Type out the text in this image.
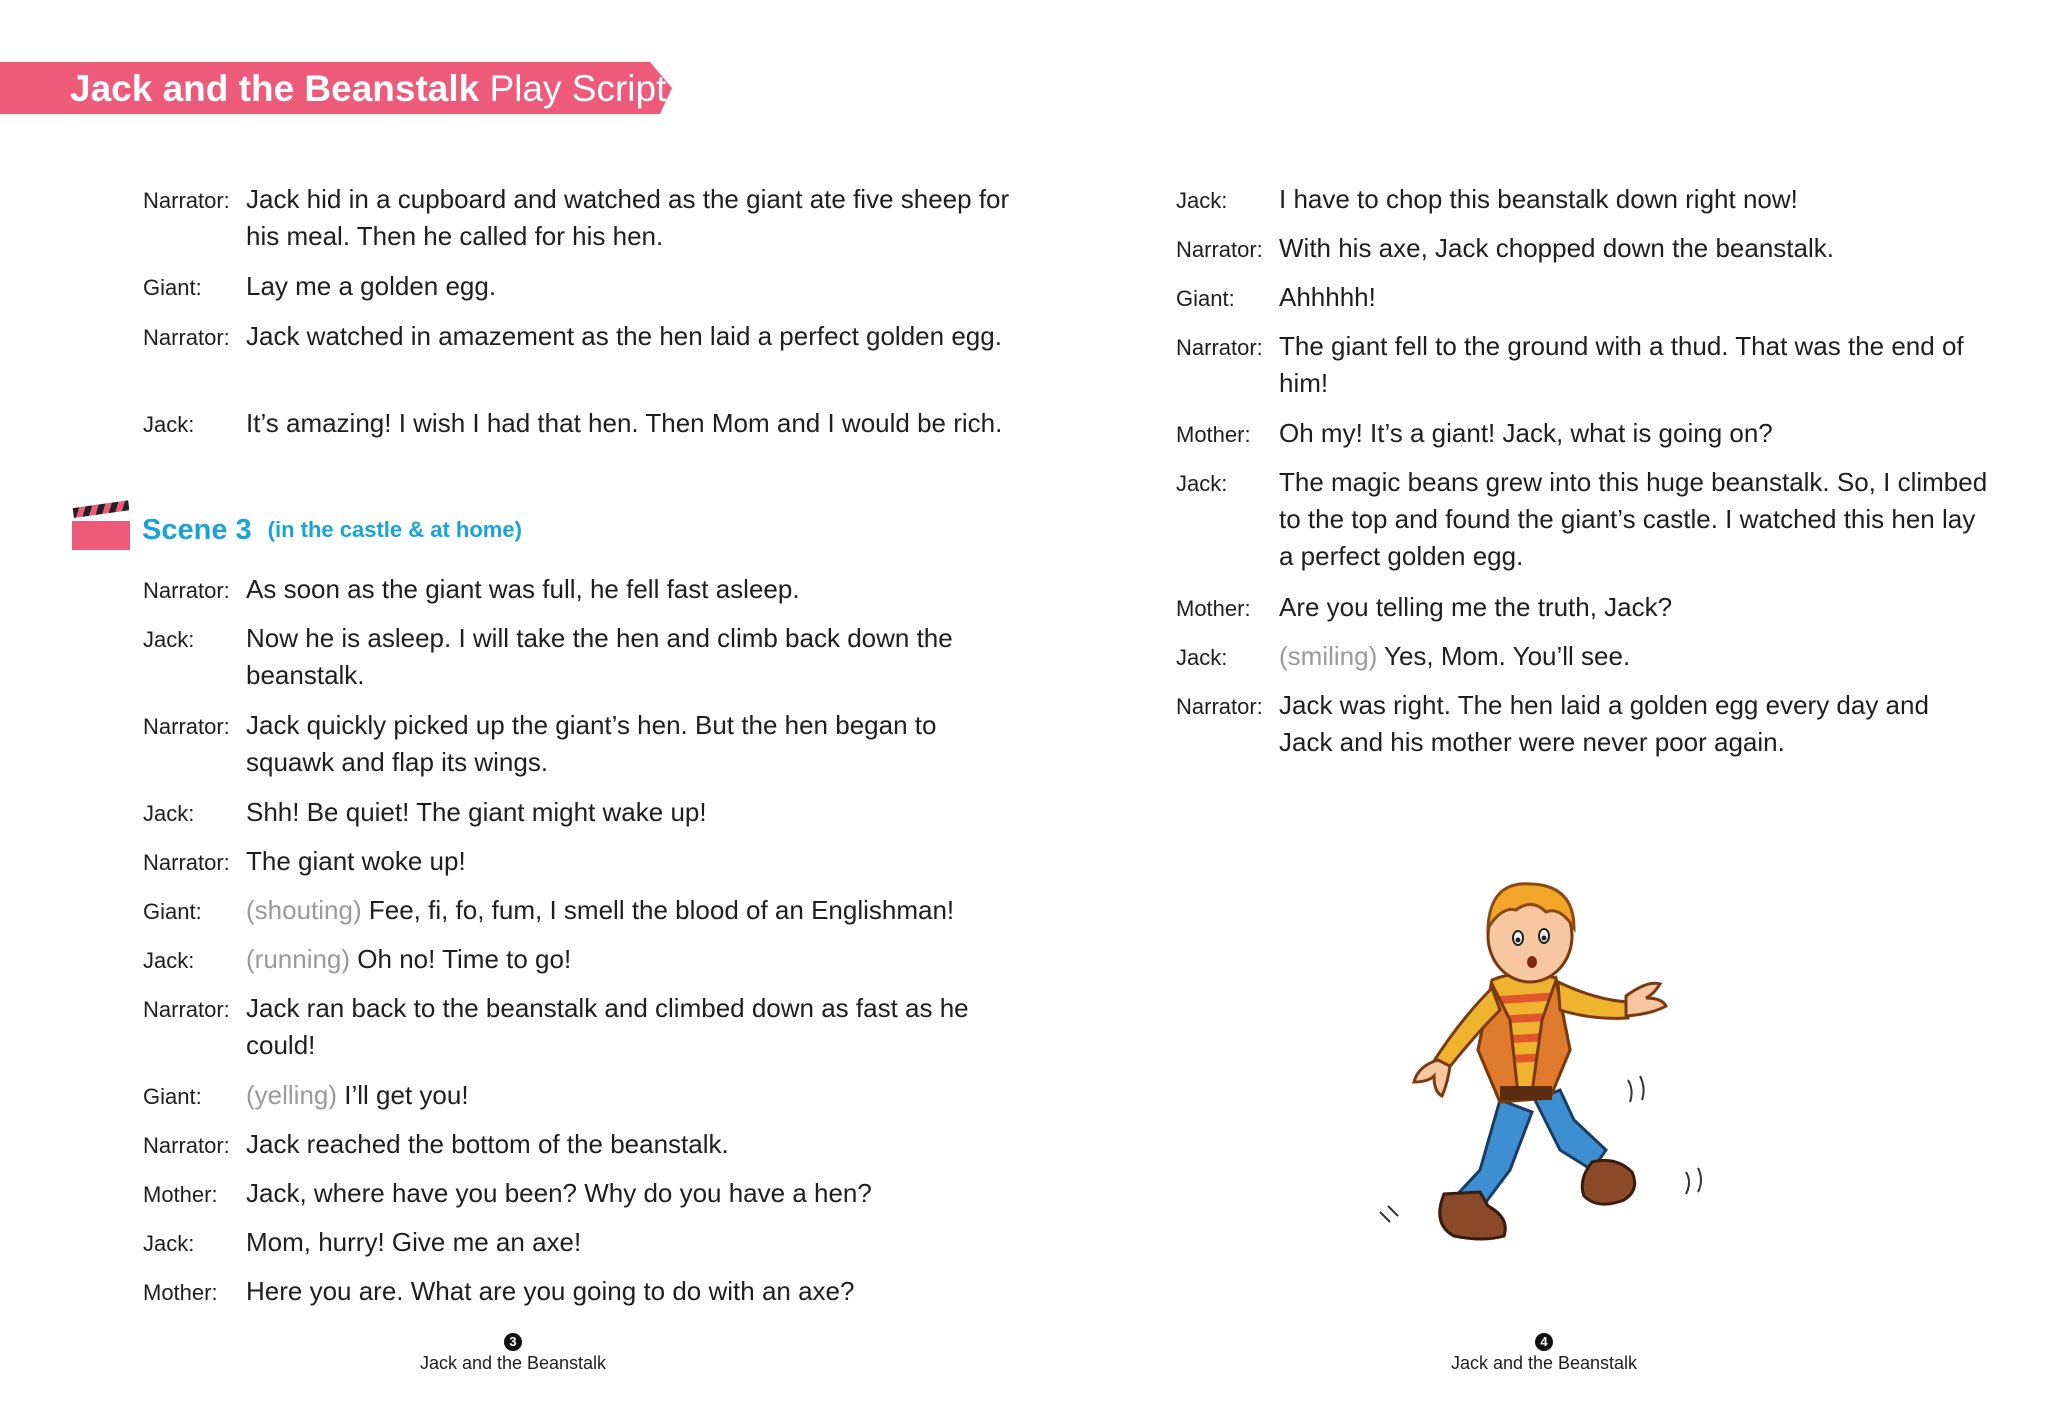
Jack and the Beanstalk Play Script
Narrator: Jack hid in a cupboard and watched as the giant ate five sheep for his meal. Then he called for his hen.
Giant:	Lay me a golden egg.
Narrator: Jack watched in amazement as the hen laid a perfect golden egg.
Jack:	It’s amazing! I wish I had that hen. Then Mom and I would be rich.
Scene 3 (in the castle & at home)
Narrator: As soon as the giant was full, he fell fast asleep.
Jack:	Now he is asleep. I will take the hen and climb back down the beanstalk.
Narrator: Jack quickly picked up the giant’s hen. But the hen began to squawk and flap its wings.
Jack:	Shh! Be quiet! The giant might wake up!
Narrator: The giant woke up!
Giant:	(shouting) Fee, fi, fo, fum, I smell the blood of an Englishman!
Jack:	(running) Oh no! Time to go!
Narrator: Jack ran back to the beanstalk and climbed down as fast as he could!
Giant:	(yelling) I’ll get you!
Narrator: Jack reached the bottom of the beanstalk.
Mother:	Jack, where have you been? Why do you have a hen?
Jack:	Mom, hurry! Give me an axe!
Mother:	Here you are. What are you going to do with an axe?
3
Jack and the Beanstalk
Jack:	I have to chop this beanstalk down right now!
Narrator: With his axe, Jack chopped down the beanstalk.
Giant:	Ahhhhh!
Narrator: The giant fell to the ground with a thud. That was the end of him!
Mother:	Oh my! It’s a giant! Jack, what is going on?
Jack:	The magic beans grew into this huge beanstalk. So, I climbed to the top and found the giant’s castle. I watched this hen lay a perfect golden egg.
Mother:	Are you telling me the truth, Jack?
Jack:	(smiling) Yes, Mom. You’ll see.
Narrator: Jack was right. The hen laid a golden egg every day and Jack and his mother were never poor again.
4
Jack and the Beanstalk
